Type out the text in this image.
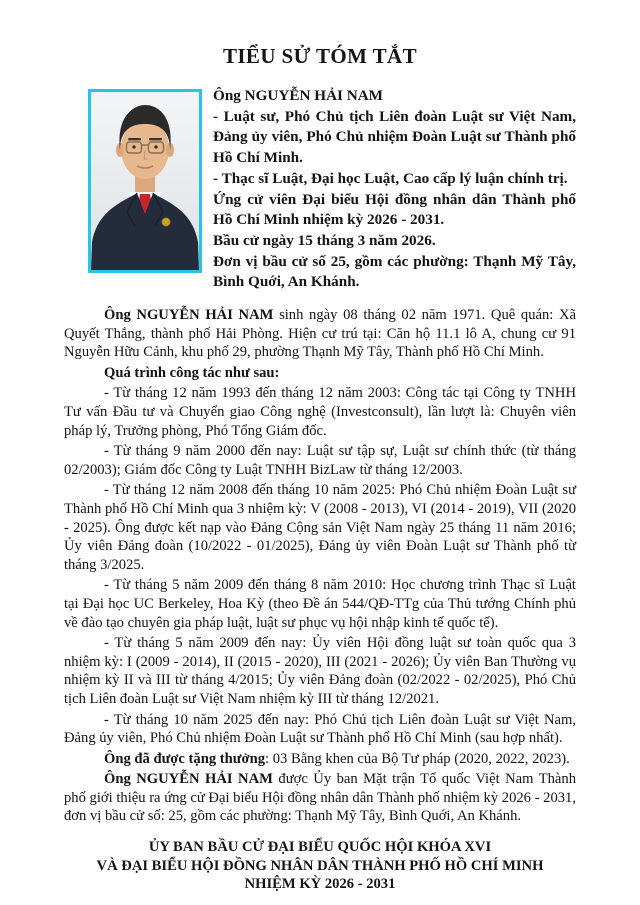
TIỂU SỬ TÓM TẮT
Ông NGUYỄN HẢI NAM
- Luật sư, Phó Chủ tịch Liên đoàn Luật sư Việt Nam, Đảng ủy viên, Phó Chủ nhiệm Đoàn Luật sư Thành phố Hồ Chí Minh.
- Thạc sĩ Luật, Đại học Luật, Cao cấp lý luận chính trị.
Ứng cử viên Đại biểu Hội đồng nhân dân Thành phố Hồ Chí Minh nhiệm kỳ 2026 - 2031.
Bầu cử ngày 15 tháng 3 năm 2026.
Đơn vị bầu cử số 25, gồm các phường: Thạnh Mỹ Tây, Bình Quới, An Khánh.

Ông NGUYỄN HẢI NAM sinh ngày 08 tháng 02 năm 1971. Quê quán: Xã Quyết Thắng, thành phố Hải Phòng. Hiện cư trú tại: Căn hộ 11.1 lô A, chung cư 91 Nguyễn Hữu Cảnh, khu phố 29, phường Thạnh Mỹ Tây, Thành phố Hồ Chí Minh.

Quá trình công tác như sau:

- Từ tháng 12 năm 1993 đến tháng 12 năm 2003: Công tác tại Công ty TNHH Tư vấn Đầu tư và Chuyển giao Công nghệ (Investconsult), lần lượt là: Chuyên viên pháp lý, Trưởng phòng, Phó Tổng Giám đốc.

- Từ tháng 9 năm 2000 đến nay: Luật sư tập sự, Luật sư chính thức (từ tháng 02/2003); Giám đốc Công ty Luật TNHH BizLaw từ tháng 12/2003.

- Từ tháng 12 năm 2008 đến tháng 10 năm 2025: Phó Chủ nhiệm Đoàn Luật sư Thành phố Hồ Chí Minh qua 3 nhiệm kỳ: V (2008 - 2013), VI (2014 - 2019), VII (2020 - 2025). Ông được kết nạp vào Đảng Cộng sản Việt Nam ngày 25 tháng 11 năm 2016; Ủy viên Đảng đoàn (10/2022 - 01/2025), Đảng ủy viên Đoàn Luật sư Thành phố từ tháng 3/2025.

- Từ tháng 5 năm 2009 đến tháng 8 năm 2010: Học chương trình Thạc sĩ Luật tại Đại học UC Berkeley, Hoa Kỳ (theo Đề án 544/QĐ-TTg của Thủ tướng Chính phủ về đào tạo chuyên gia pháp luật, luật sư phục vụ hội nhập kinh tế quốc tế).

- Từ tháng 5 năm 2009 đến nay: Ủy viên Hội đồng luật sư toàn quốc qua 3 nhiệm kỳ: I (2009 - 2014), II (2015 - 2020), III (2021 - 2026); Ủy viên Ban Thường vụ nhiệm kỳ II và III từ tháng 4/2015; Ủy viên Đảng đoàn (02/2022 - 02/2025), Phó Chủ tịch Liên đoàn Luật sư Việt Nam nhiệm kỳ III từ tháng 12/2021.

- Từ tháng 10 năm 2025 đến nay: Phó Chủ tịch Liên đoàn Luật sư Việt Nam, Đảng ủy viên, Phó Chủ nhiệm Đoàn Luật sư Thành phố Hồ Chí Minh (sau hợp nhất).

Ông đã được tặng thưởng: 03 Bằng khen của Bộ Tư pháp (2020, 2022, 2023).

Ông NGUYỄN HẢI NAM được Ủy ban Mặt trận Tổ quốc Việt Nam Thành phố giới thiệu ra ứng cử Đại biểu Hội đồng nhân dân Thành phố nhiệm kỳ 2026 - 2031, đơn vị bầu cử số: 25, gồm các phường: Thạnh Mỹ Tây, Bình Quới, An Khánh.

ỦY BAN BẦU CỬ ĐẠI BIỂU QUỐC HỘI KHÓA XVI
VÀ ĐẠI BIỂU HỘI ĐỒNG NHÂN DÂN THÀNH PHỐ HỒ CHÍ MINH
NHIỆM KỲ 2026 - 2031
